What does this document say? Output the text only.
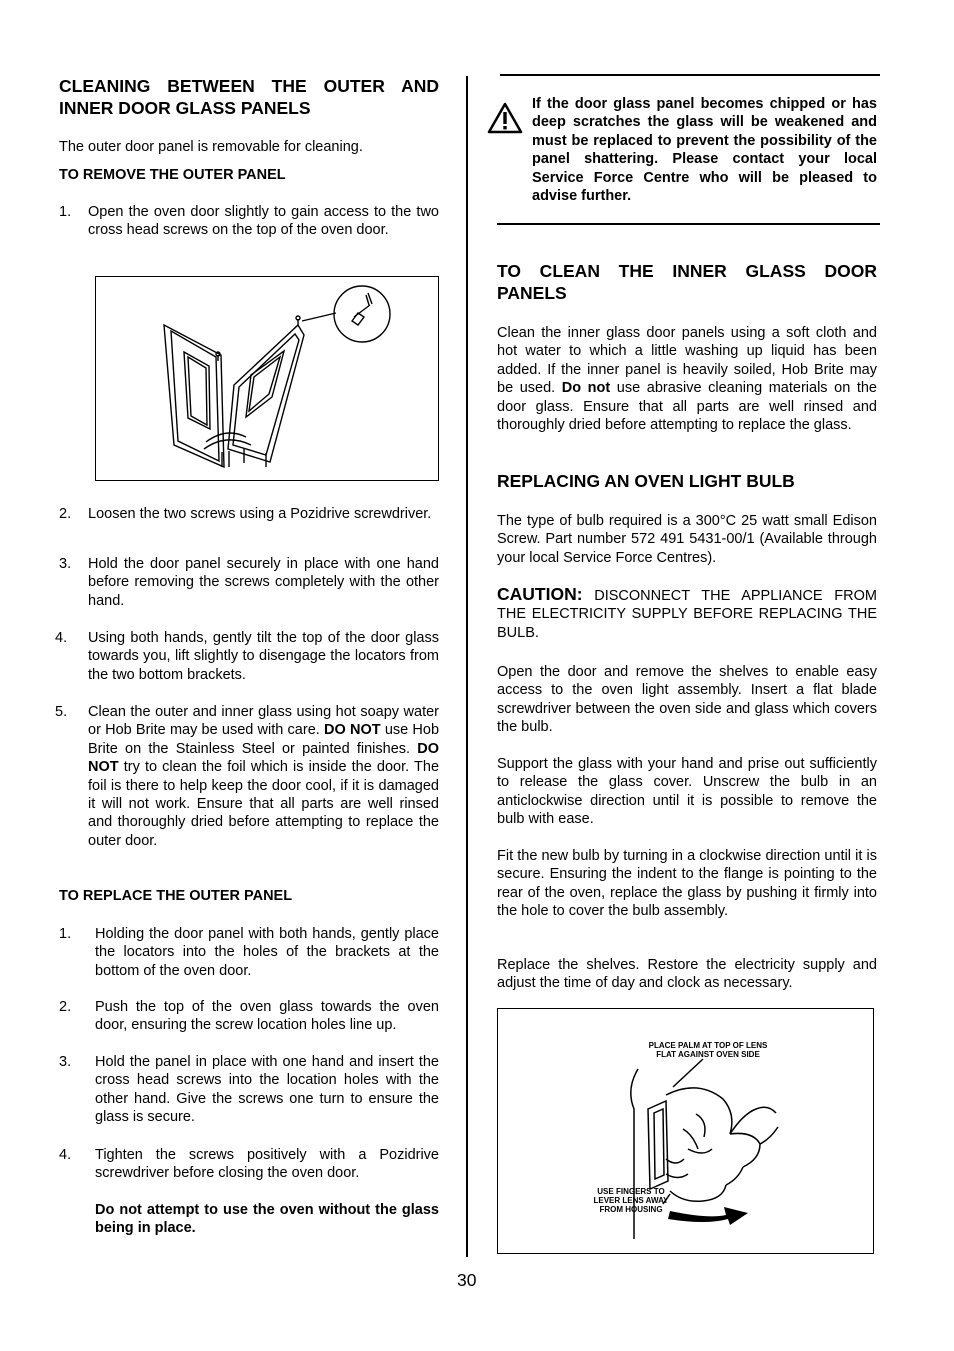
CLEANING BETWEEN THE OUTER AND INNER DOOR GLASS PANELS

The outer door panel is removable for cleaning.

TO REMOVE THE OUTER PANEL
1. Open the oven door slightly to gain access to the two cross head screws on the top of the oven door.
2. Loosen the two screws using a Pozidrive screwdriver.
3. Hold the door panel securely in place with one hand before removing the screws completely with the other hand.
4. Using both hands, gently tilt the top of the door glass towards you, lift slightly to disengage the locators from the two bottom brackets.
5. Clean the outer and inner glass using hot soapy water or Hob Brite may be used with care. DO NOT use Hob Brite on the Stainless Steel or painted finishes. DO NOT try to clean the foil which is inside the door. The foil is there to help keep the door cool, if it is damaged it will not work. Ensure that all parts are well rinsed and thoroughly dried before attempting to replace the outer door.
TO REPLACE THE OUTER PANEL
1. Holding the door panel with both hands, gently place the locators into the holes of the brackets at the bottom of the oven door.
2. Push the top of the oven glass towards the oven door, ensuring the screw location holes line up.
3. Hold the panel in place with one hand and insert the cross head screws into the location holes with the other hand. Give the screws one turn to ensure the glass is secure.
4. Tighten the screws positively with a Pozidrive screwdriver before closing the oven door.
Do not attempt to use the oven without the glass being in place.

If the door glass panel becomes chipped or has deep scratches the glass will be weakened and must be replaced to prevent the possibility of the panel shattering. Please contact your local Service Force Centre who will be pleased to advise further.

TO CLEAN THE INNER GLASS DOOR PANELS

Clean the inner glass door panels using a soft cloth and hot water to which a little washing up liquid has been added. If the inner panel is heavily soiled, Hob Brite may be used. Do not use abrasive cleaning materials on the door glass. Ensure that all parts are well rinsed and thoroughly dried before attempting to replace the glass.

REPLACING AN OVEN LIGHT BULB

The type of bulb required is a 300°C 25 watt small Edison Screw. Part number 572 491 5431-00/1 (Available through your local Service Force Centres).

CAUTION: DISCONNECT THE APPLIANCE FROM THE ELECTRICITY SUPPLY BEFORE REPLACING THE BULB.

Open the door and remove the shelves to enable easy access to the oven light assembly. Insert a flat blade screwdriver between the oven side and glass which covers the bulb.

Support the glass with your hand and prise out sufficiently to release the glass cover. Unscrew the bulb in an anticlockwise direction until it is possible to remove the bulb with ease.

Fit the new bulb by turning in a clockwise direction until it is secure. Ensuring the indent to the flange is pointing to the rear of the oven, replace the glass by pushing it firmly into the hole to cover the bulb assembly.

Replace the shelves. Restore the electricity supply and adjust the time of day and clock as necessary.

PLACE PALM AT TOP OF LENS
FLAT AGAINST OVEN SIDE
USE FINGERS TO
LEVER LENS AWAY
FROM HOUSING
30
